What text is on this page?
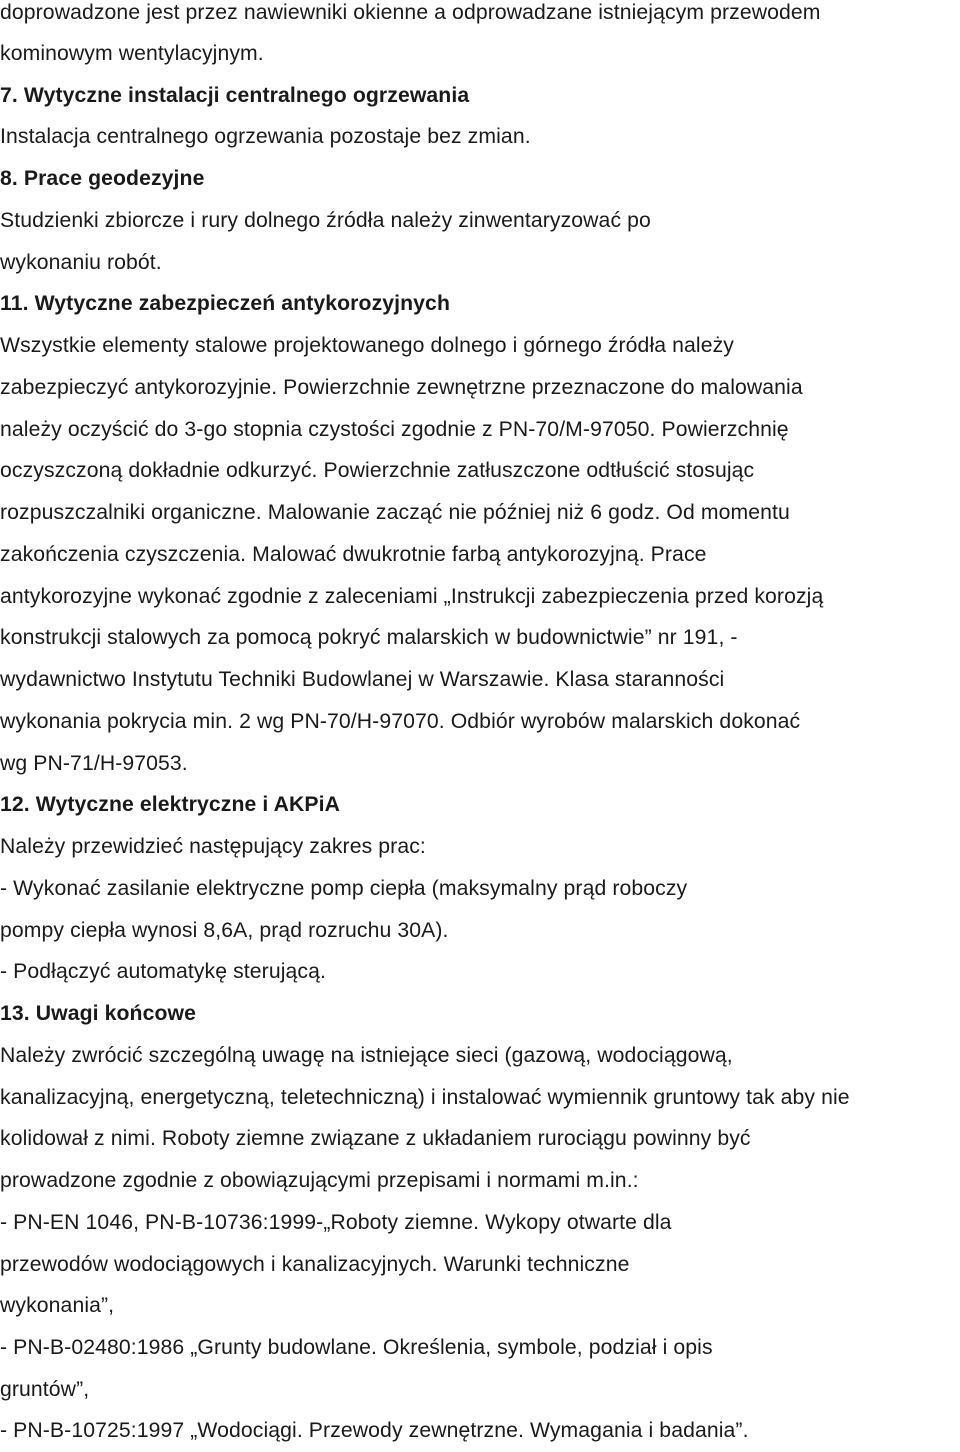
doprowadzone jest przez nawiewniki okienne a odprowadzane istniejącym przewodem
kominowym wentylacyjnym.
7. Wytyczne instalacji centralnego ogrzewania
Instalacja centralnego ogrzewania pozostaje bez zmian.
8. Prace geodezyjne
Studzienki zbiorcze i rury dolnego źródła należy zinwentaryzować po
wykonaniu robót.
11. Wytyczne zabezpieczeń antykorozyjnych
Wszystkie elementy stalowe projektowanego dolnego i górnego źródła należy
zabezpieczyć antykorozyjnie. Powierzchnie zewnętrzne przeznaczone do malowania
należy oczyścić do 3-go stopnia czystości zgodnie z PN-70/M-97050. Powierzchnię
oczyszczoną dokładnie odkurzyć. Powierzchnie zatłuszczone odtłuścić stosując
rozpuszczalniki organiczne. Malowanie zacząć nie później niż 6 godz. Od momentu
zakończenia czyszczenia. Malować dwukrotnie farbą antykorozyjną. Prace
antykorozyjne wykonać zgodnie z zaleceniami „Instrukcji zabezpieczenia przed korozją
konstrukcji stalowych za pomocą pokryć malarskich w budownictwie” nr 191, -
wydawnictwo Instytutu Techniki Budowlanej w Warszawie. Klasa staranności
wykonania pokrycia min. 2 wg PN-70/H-97070. Odbiór wyrobów malarskich dokonać
wg PN-71/H-97053.
12. Wytyczne elektryczne i AKPiA
Należy przewidzieć następujący zakres prac:
- Wykonać zasilanie elektryczne pomp ciepła (maksymalny prąd roboczy
pompy ciepła wynosi 8,6A, prąd rozruchu 30A).
- Podłączyć automatykę sterującą.
13. Uwagi końcowe
Należy zwrócić szczególną uwagę na istniejące sieci (gazową, wodociągową,
kanalizacyjną, energetyczną, teletechniczną) i instalować wymiennik gruntowy tak aby nie
kolidował z nimi. Roboty ziemne związane z układaniem rurociągu powinny być
prowadzone zgodnie z obowiązującymi przepisami i normami m.in.:
- PN-EN 1046, PN-B-10736:1999-„Roboty ziemne. Wykopy otwarte dla
przewodów wodociągowych i kanalizacyjnych. Warunki techniczne
wykonania”,
- PN-B-02480:1986 „Grunty budowlane. Określenia, symbole, podział i opis
gruntów”,
- PN-B-10725:1997 „Wodociągi. Przewody zewnętrzne. Wymagania i badania”.
